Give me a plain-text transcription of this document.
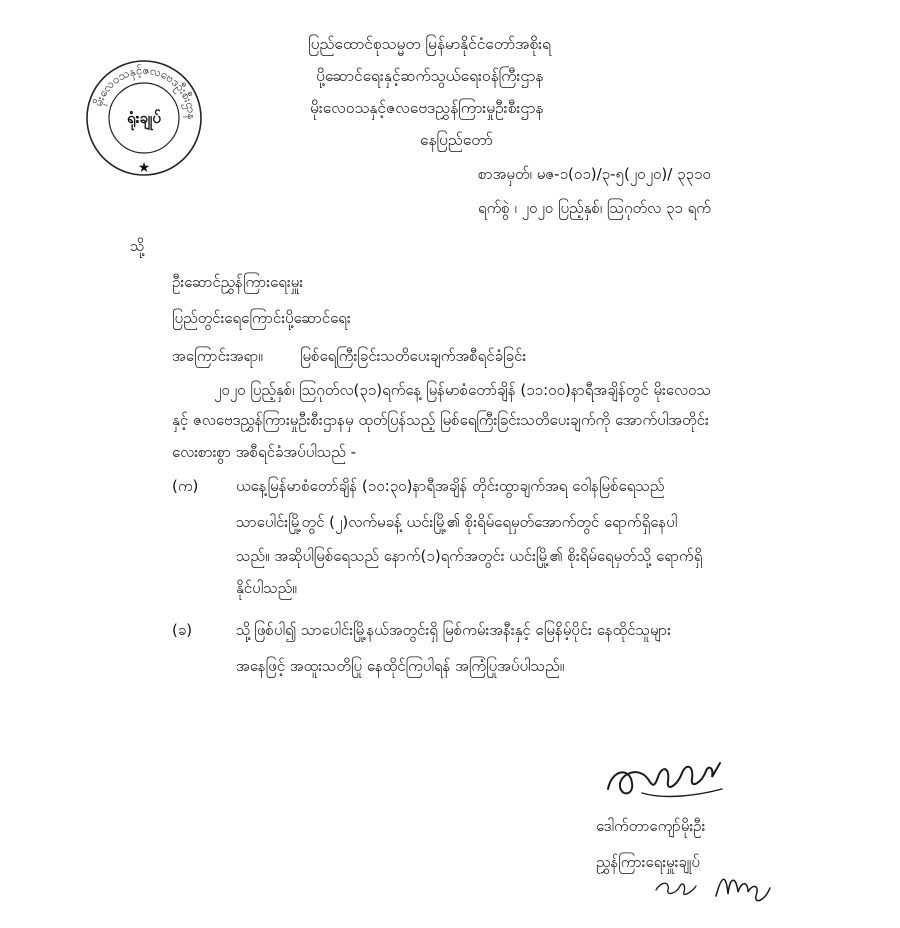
မိုးလေဝသနှင့်ဇလဗေဒဦးစီးဌာန
ရုံးချုပ်
★
ပြည်ထောင်စုသမ္မတ မြန်မာနိုင်ငံတော်အစိုးရ
ပို့ဆောင်ရေးနှင့်ဆက်သွယ်ရေးဝန်ကြီးဌာန
မိုးလေဝသနှင့်ဇလဗေဒညွှန်ကြားမှုဦးစီးဌာန
နေပြည်တော်
စာအမှတ်၊ မဇ-၁(၀၁)/၃-၅(၂၀၂၀)/ ၃၃၁၀
ရက်စွဲ ၊ ၂၀၂၀ ပြည့်နှစ်၊ ဩဂုတ်လ ၃၁ ရက်
သို့
ဦးဆောင်ညွှန်ကြားရေးမှူး
ပြည်တွင်းရေကြောင်းပို့ဆောင်ရေး
အကြောင်းအရာ။ မြစ်ရေကြီးခြင်းသတိပေးချက်အစီရင်ခံခြင်း
၂၀၂၀ ပြည့်နှစ်၊ ဩဂုတ်လ(၃၁)ရက်နေ့ မြန်မာစံတော်ချိန် (၁၁:၀၀)နာရီအချိန်တွင် မိုးလေဝသ
နှင့် ဇလဗေဒညွှန်ကြားမှုဦးစီးဌာနမှ ထုတ်ပြန်သည့် မြစ်ရေကြီးခြင်းသတိပေးချက်ကို အောက်ပါအတိုင်း
လေးစားစွာ အစီရင်ခံအပ်ပါသည် -
(က)	ယနေ့မြန်မာစံတော်ချိန် (၁၀:၃၀)နာရီအချိန် တိုင်းထွာချက်အရ ဝေါနမြစ်ရေသည်
သာပေါင်းမြို့တွင် (၂)လက်မခန့် ယင်းမြို့၏ စိုးရိမ်ရေမှတ်အောက်တွင် ရောက်ရှိနေပါ
သည်။ အဆိုပါမြစ်ရေသည် နောက်(၁)ရက်အတွင်း ယင်းမြို့၏ စိုးရိမ်ရေမှတ်သို့ ရောက်ရှိ
နိုင်ပါသည်။
(ခ)	သို့ဖြစ်ပါ၍ သာပေါင်းမြို့နယ်အတွင်းရှိ မြစ်ကမ်းအနီးနှင့် မြေနိမ့်ပိုင်း နေထိုင်သူများ
အနေဖြင့် အထူးသတိပြု နေထိုင်ကြပါရန် အကြံပြုအပ်ပါသည်။
ဒေါက်တာကျော်မိုးဦး
ညွှန်ကြားရေးမှူးချုပ်
